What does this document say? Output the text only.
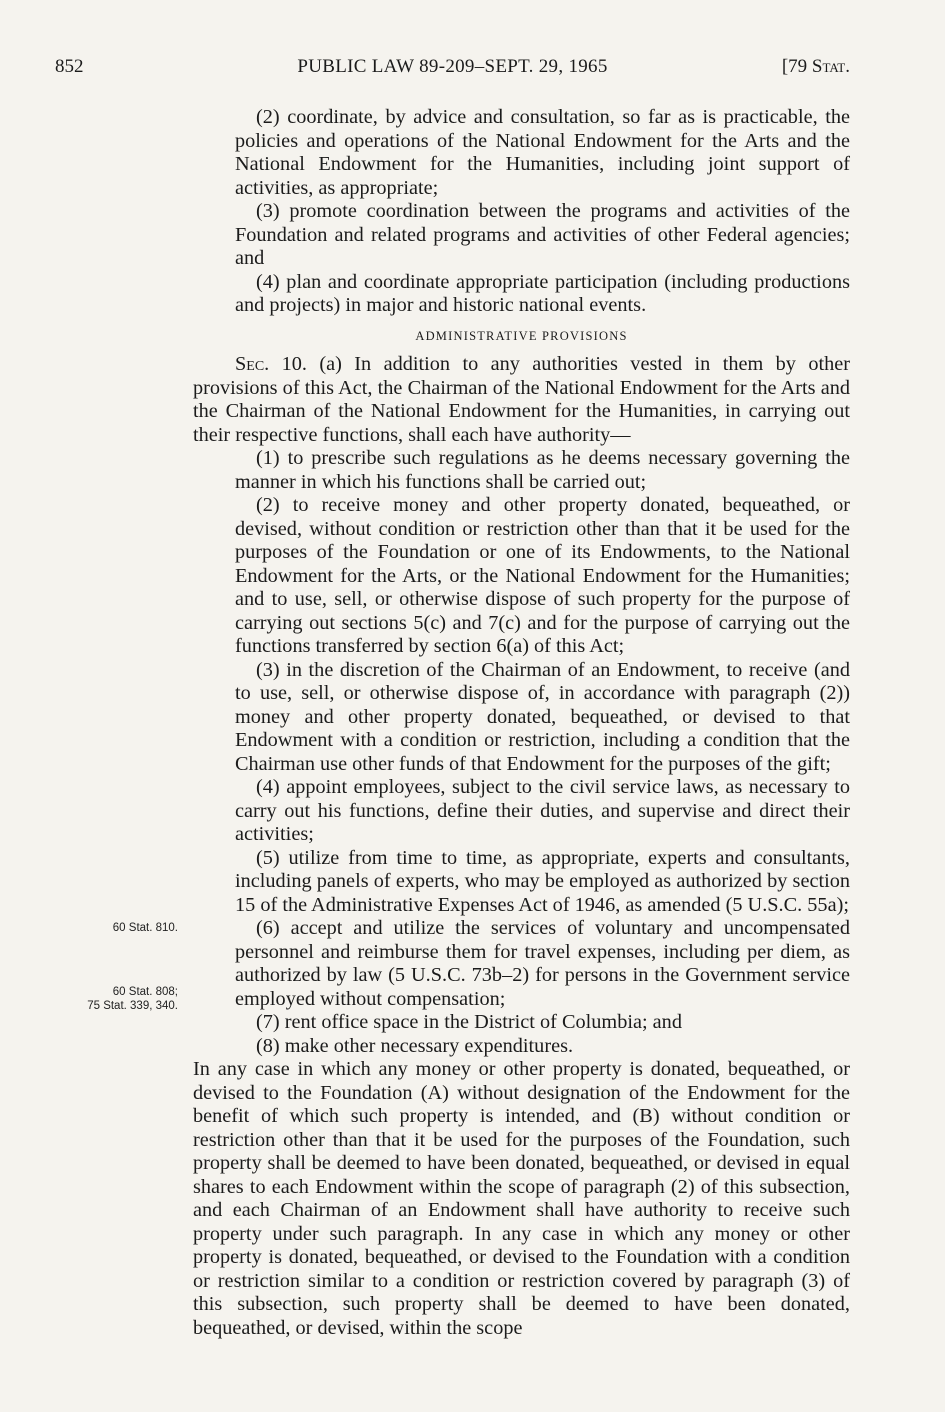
852	PUBLIC LAW 89-209–SEPT. 29, 1965	[79 Stat.
60 Stat. 810.
60 Stat. 808;
75 Stat. 339, 340.

(2) coordinate, by advice and consultation, so far as is practicable, the policies and operations of the National Endowment for the Arts and the National Endowment for the Humanities, including joint support of activities, as appropriate;

(3) promote coordination between the programs and activities of the Foundation and related programs and activities of other Federal agencies; and

(4) plan and coordinate appropriate participation (including productions and projects) in major and historic national events.

ADMINISTRATIVE PROVISIONS

Sec. 10. (a) In addition to any authorities vested in them by other provisions of this Act, the Chairman of the National Endowment for the Arts and the Chairman of the National Endowment for the Humanities, in carrying out their respective functions, shall each have authority—

(1) to prescribe such regulations as he deems necessary governing the manner in which his functions shall be carried out;

(2) to receive money and other property donated, bequeathed, or devised, without condition or restriction other than that it be used for the purposes of the Foundation or one of its Endowments, to the National Endowment for the Arts, or the National Endowment for the Humanities; and to use, sell, or otherwise dispose of such property for the purpose of carrying out sections 5(c) and 7(c) and for the purpose of carrying out the functions transferred by section 6(a) of this Act;

(3) in the discretion of the Chairman of an Endowment, to receive (and to use, sell, or otherwise dispose of, in accordance with paragraph (2)) money and other property donated, bequeathed, or devised to that Endowment with a condition or restriction, including a condition that the Chairman use other funds of that Endowment for the purposes of the gift;

(4) appoint employees, subject to the civil service laws, as necessary to carry out his functions, define their duties, and supervise and direct their activities;

(5) utilize from time to time, as appropriate, experts and consultants, including panels of experts, who may be employed as authorized by section 15 of the Administrative Expenses Act of 1946, as amended (5 U.S.C. 55a);

(6) accept and utilize the services of voluntary and uncompensated personnel and reimburse them for travel expenses, including per diem, as authorized by law (5 U.S.C. 73b–2) for persons in the Government service employed without compensation;

(7) rent office space in the District of Columbia; and

(8) make other necessary expenditures.

In any case in which any money or other property is donated, bequeathed, or devised to the Foundation (A) without designation of the Endowment for the benefit of which such property is intended, and (B) without condition or restriction other than that it be used for the purposes of the Foundation, such property shall be deemed to have been donated, bequeathed, or devised in equal shares to each Endowment within the scope of paragraph (2) of this subsection, and each Chairman of an Endowment shall have authority to receive such property under such paragraph. In any case in which any money or other property is donated, bequeathed, or devised to the Foundation with a condition or restriction similar to a condition or restriction covered by paragraph (3) of this subsection, such property shall be deemed to have been donated, bequeathed, or devised, within the scope
